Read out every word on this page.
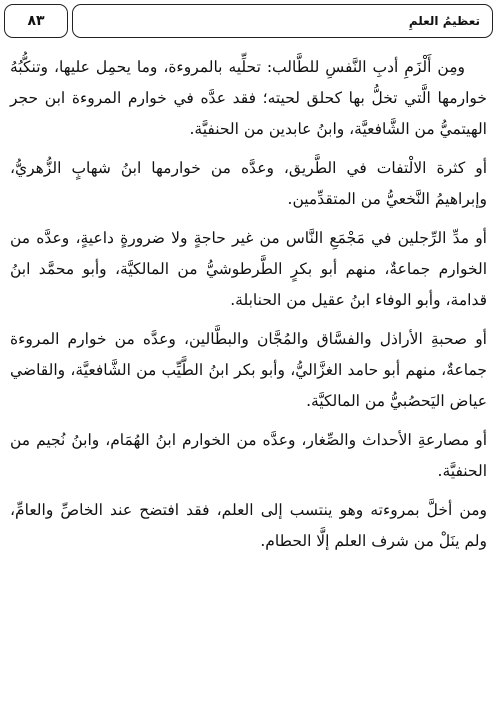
تعظيمُ العلمِ
٨٣

ومِن أَلْزَمِ أدبِ النَّفسِ للطَّالب: تحلِّيه بالمروءة، وما يحمِل عليها، وتنكُّبُهُ خوارمها الَّتي تخلُّ بها كحلق لحيته؛ فقد عدَّه في خوارم المروءة ابن حجر الهيتميُّ من الشَّافعيَّة، وابنُ عابدين من الحنفيَّة.

أو كثرة الالْتفات في الطَّريق، وعدَّه من خوارمها ابنُ شهابٍ الزُّهريُّ، وإبراهيمُ النَّخعيُّ من المتقدِّمين.

أو مدِّ الرِّجلين في مَجْمَعِ النَّاس من غير حاجةٍ ولا ضرورةٍ داعيةٍ، وعدَّه من الخوارم جماعةٌ، منهم أبو بكرٍ الطَّرطوشيُّ من المالكيَّة، وأبو محمَّد ابنُ قدامة، وأبو الوفاء ابنُ عقيل من الحنابلة.

أو صحبةِ الأراذل والفسَّاق والمُجَّان والبطَّالين، وعدَّه من خوارم المروءة جماعةٌ، منهم أبو حامد الغزَّاليُّ، وأبو بكر ابنُ الطَّيِّب من الشَّافعيَّة، والقاضي عياض اليَحصُبيُّ من المالكيَّة.

أو مصارعةِ الأحداث والصِّغار، وعدَّه من الخوارم ابنُ الهُمَام، وابنُ نُجيم من الحنفيَّة.

ومن أخلَّ بمروءته وهو ينتسب إلى العلم، فقد افتضح عند الخاصِّ والعامِّ، ولم ينَلْ من شرف العلم إلَّا الحطام.
